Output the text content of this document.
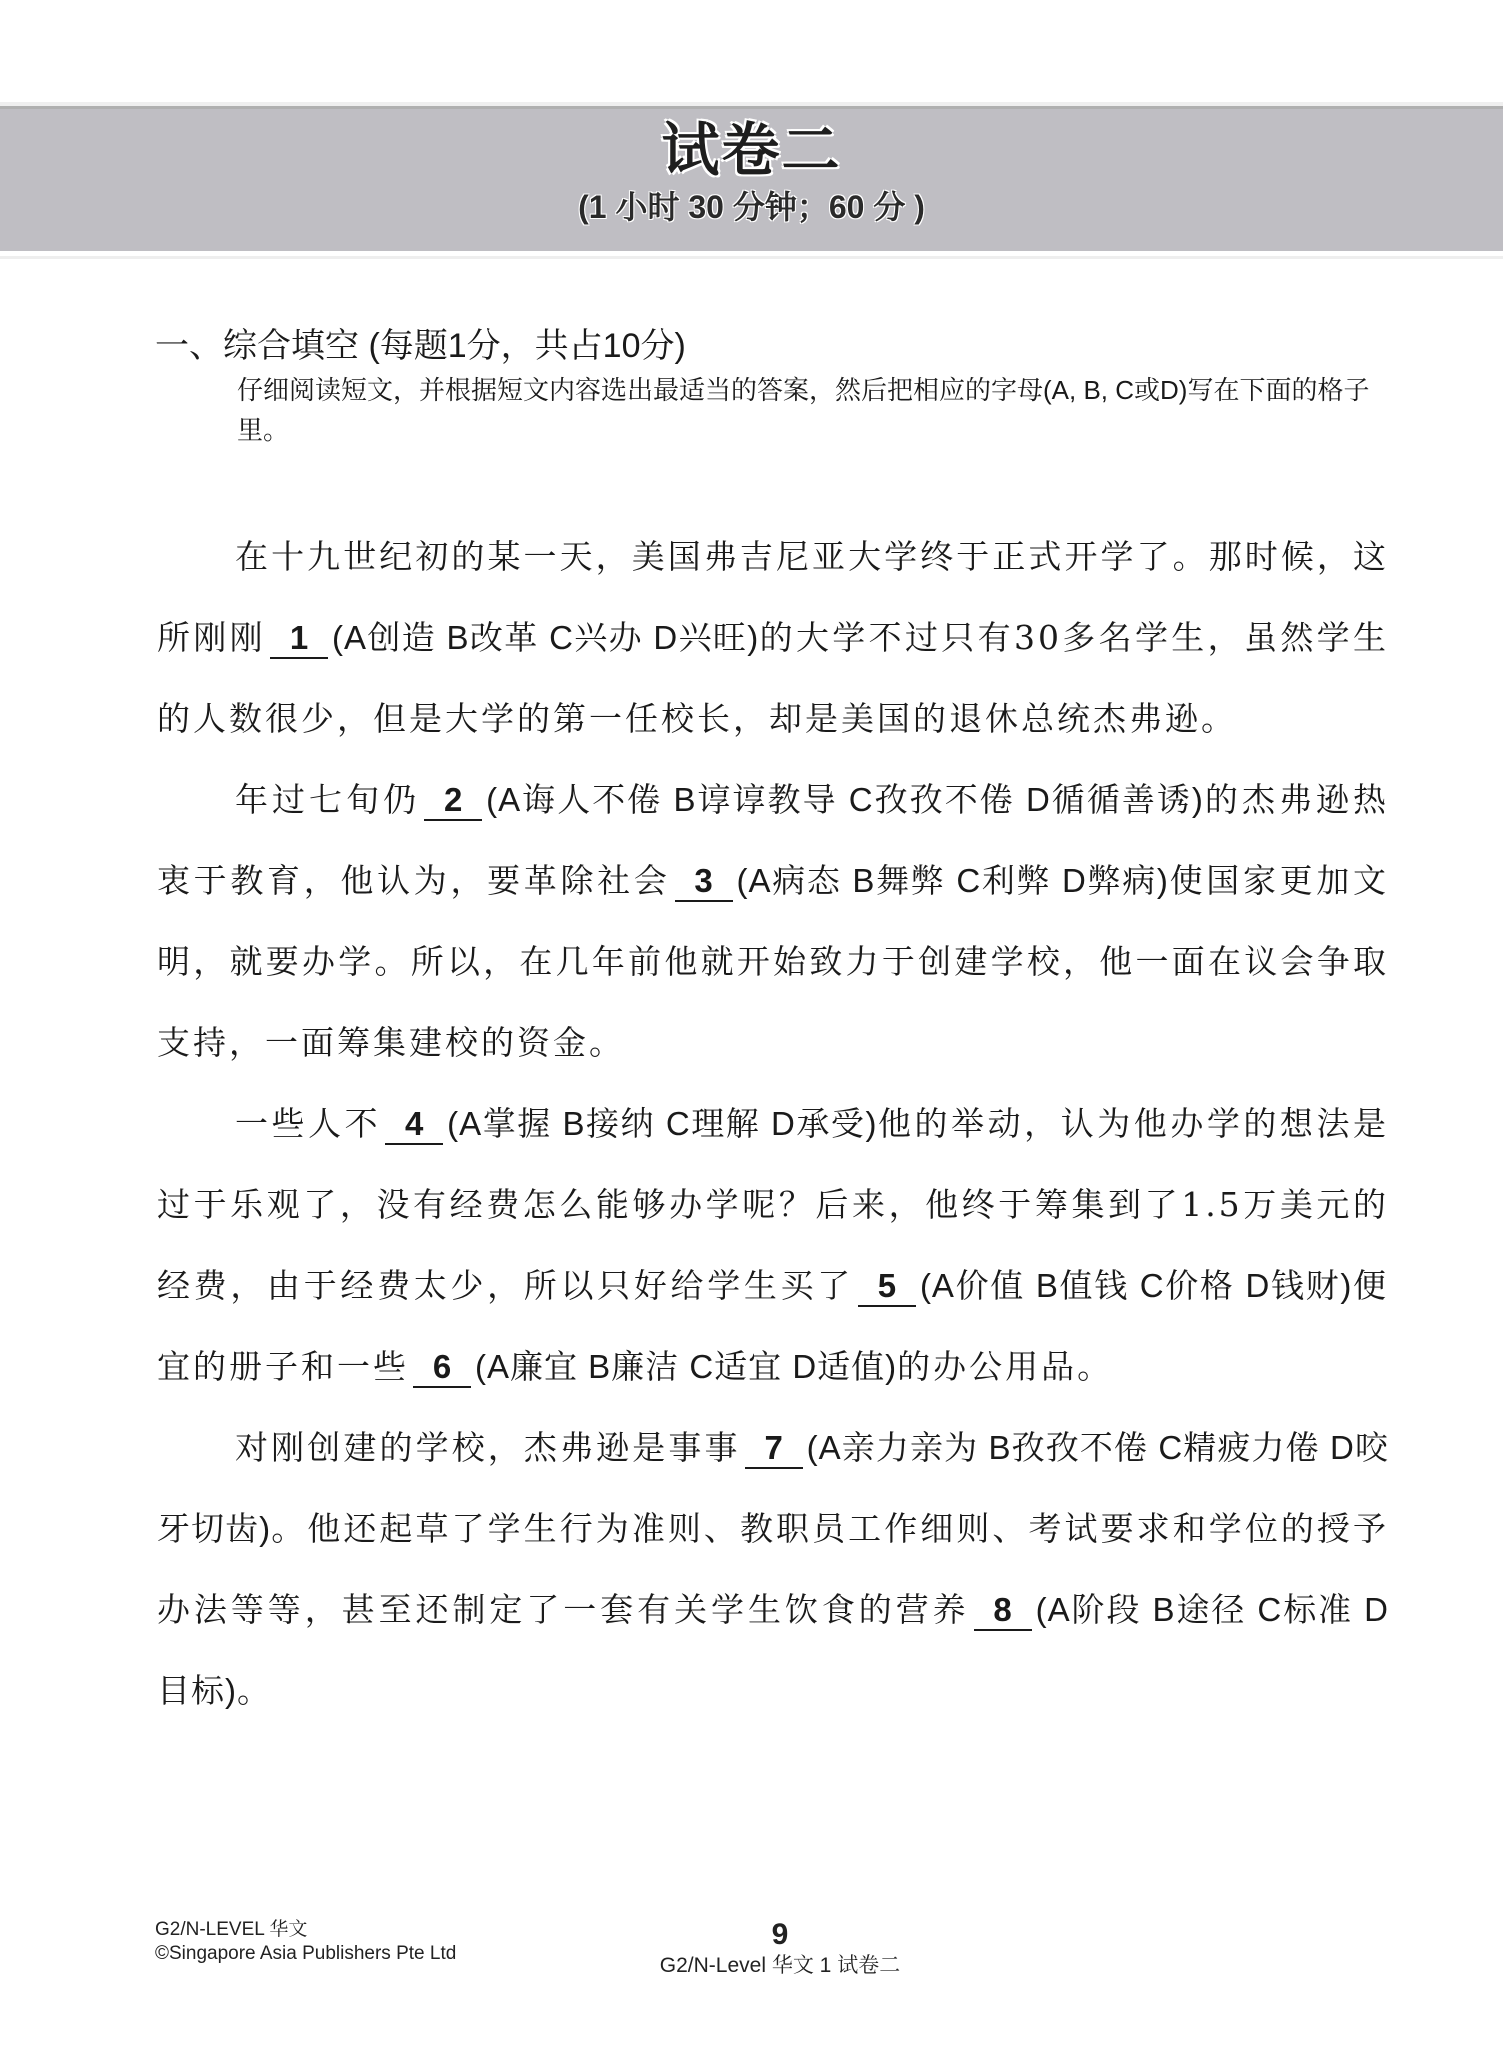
试卷二
(1 小时 30 分钟；60 分 )
一、综合填空 (每题1分，共占10分)
仔细阅读短文，并根据短文内容选出最适当的答案，然后把相应的字母(A, B, C或D)写在下面的格子里。

在十九世纪初的某一天，美国弗吉尼亚大学终于正式开学了。那时候，这所刚刚 1 (A创造 B改革 C兴办 D兴旺)的大学不过只有30多名学生，虽然学生的人数很少，但是大学的第一任校长，却是美国的退休总统杰弗逊。

年过七旬仍 2 (A诲人不倦 B谆谆教导 C孜孜不倦 D循循善诱)的杰弗逊热衷于教育，他认为，要革除社会 3 (A病态 B舞弊 C利弊 D弊病)使国家更加文明，就要办学。所以，在几年前他就开始致力于创建学校，他一面在议会争取支持，一面筹集建校的资金。

一些人不 4 (A掌握 B接纳 C理解 D承受)他的举动，认为他办学的想法是过于乐观了，没有经费怎么能够办学呢？后来，他终于筹集到了1.5万美元的经费，由于经费太少，所以只好给学生买了 5 (A价值 B值钱 C价格 D钱财)便宜的册子和一些 6 (A廉宜 B廉洁 C适宜 D适值)的办公用品。

对刚创建的学校，杰弗逊是事事 7 (A亲力亲为 B孜孜不倦 C精疲力倦 D咬牙切齿)。他还起草了学生行为准则、教职员工作细则、考试要求和学位的授予办法等等，甚至还制定了一套有关学生饮食的营养 8 (A阶段 B途径 C标准 D目标)。

G2/N-LEVEL 华文
©Singapore Asia Publishers Pte Ltd
9
G2/N-Level 华文 1 试卷二
